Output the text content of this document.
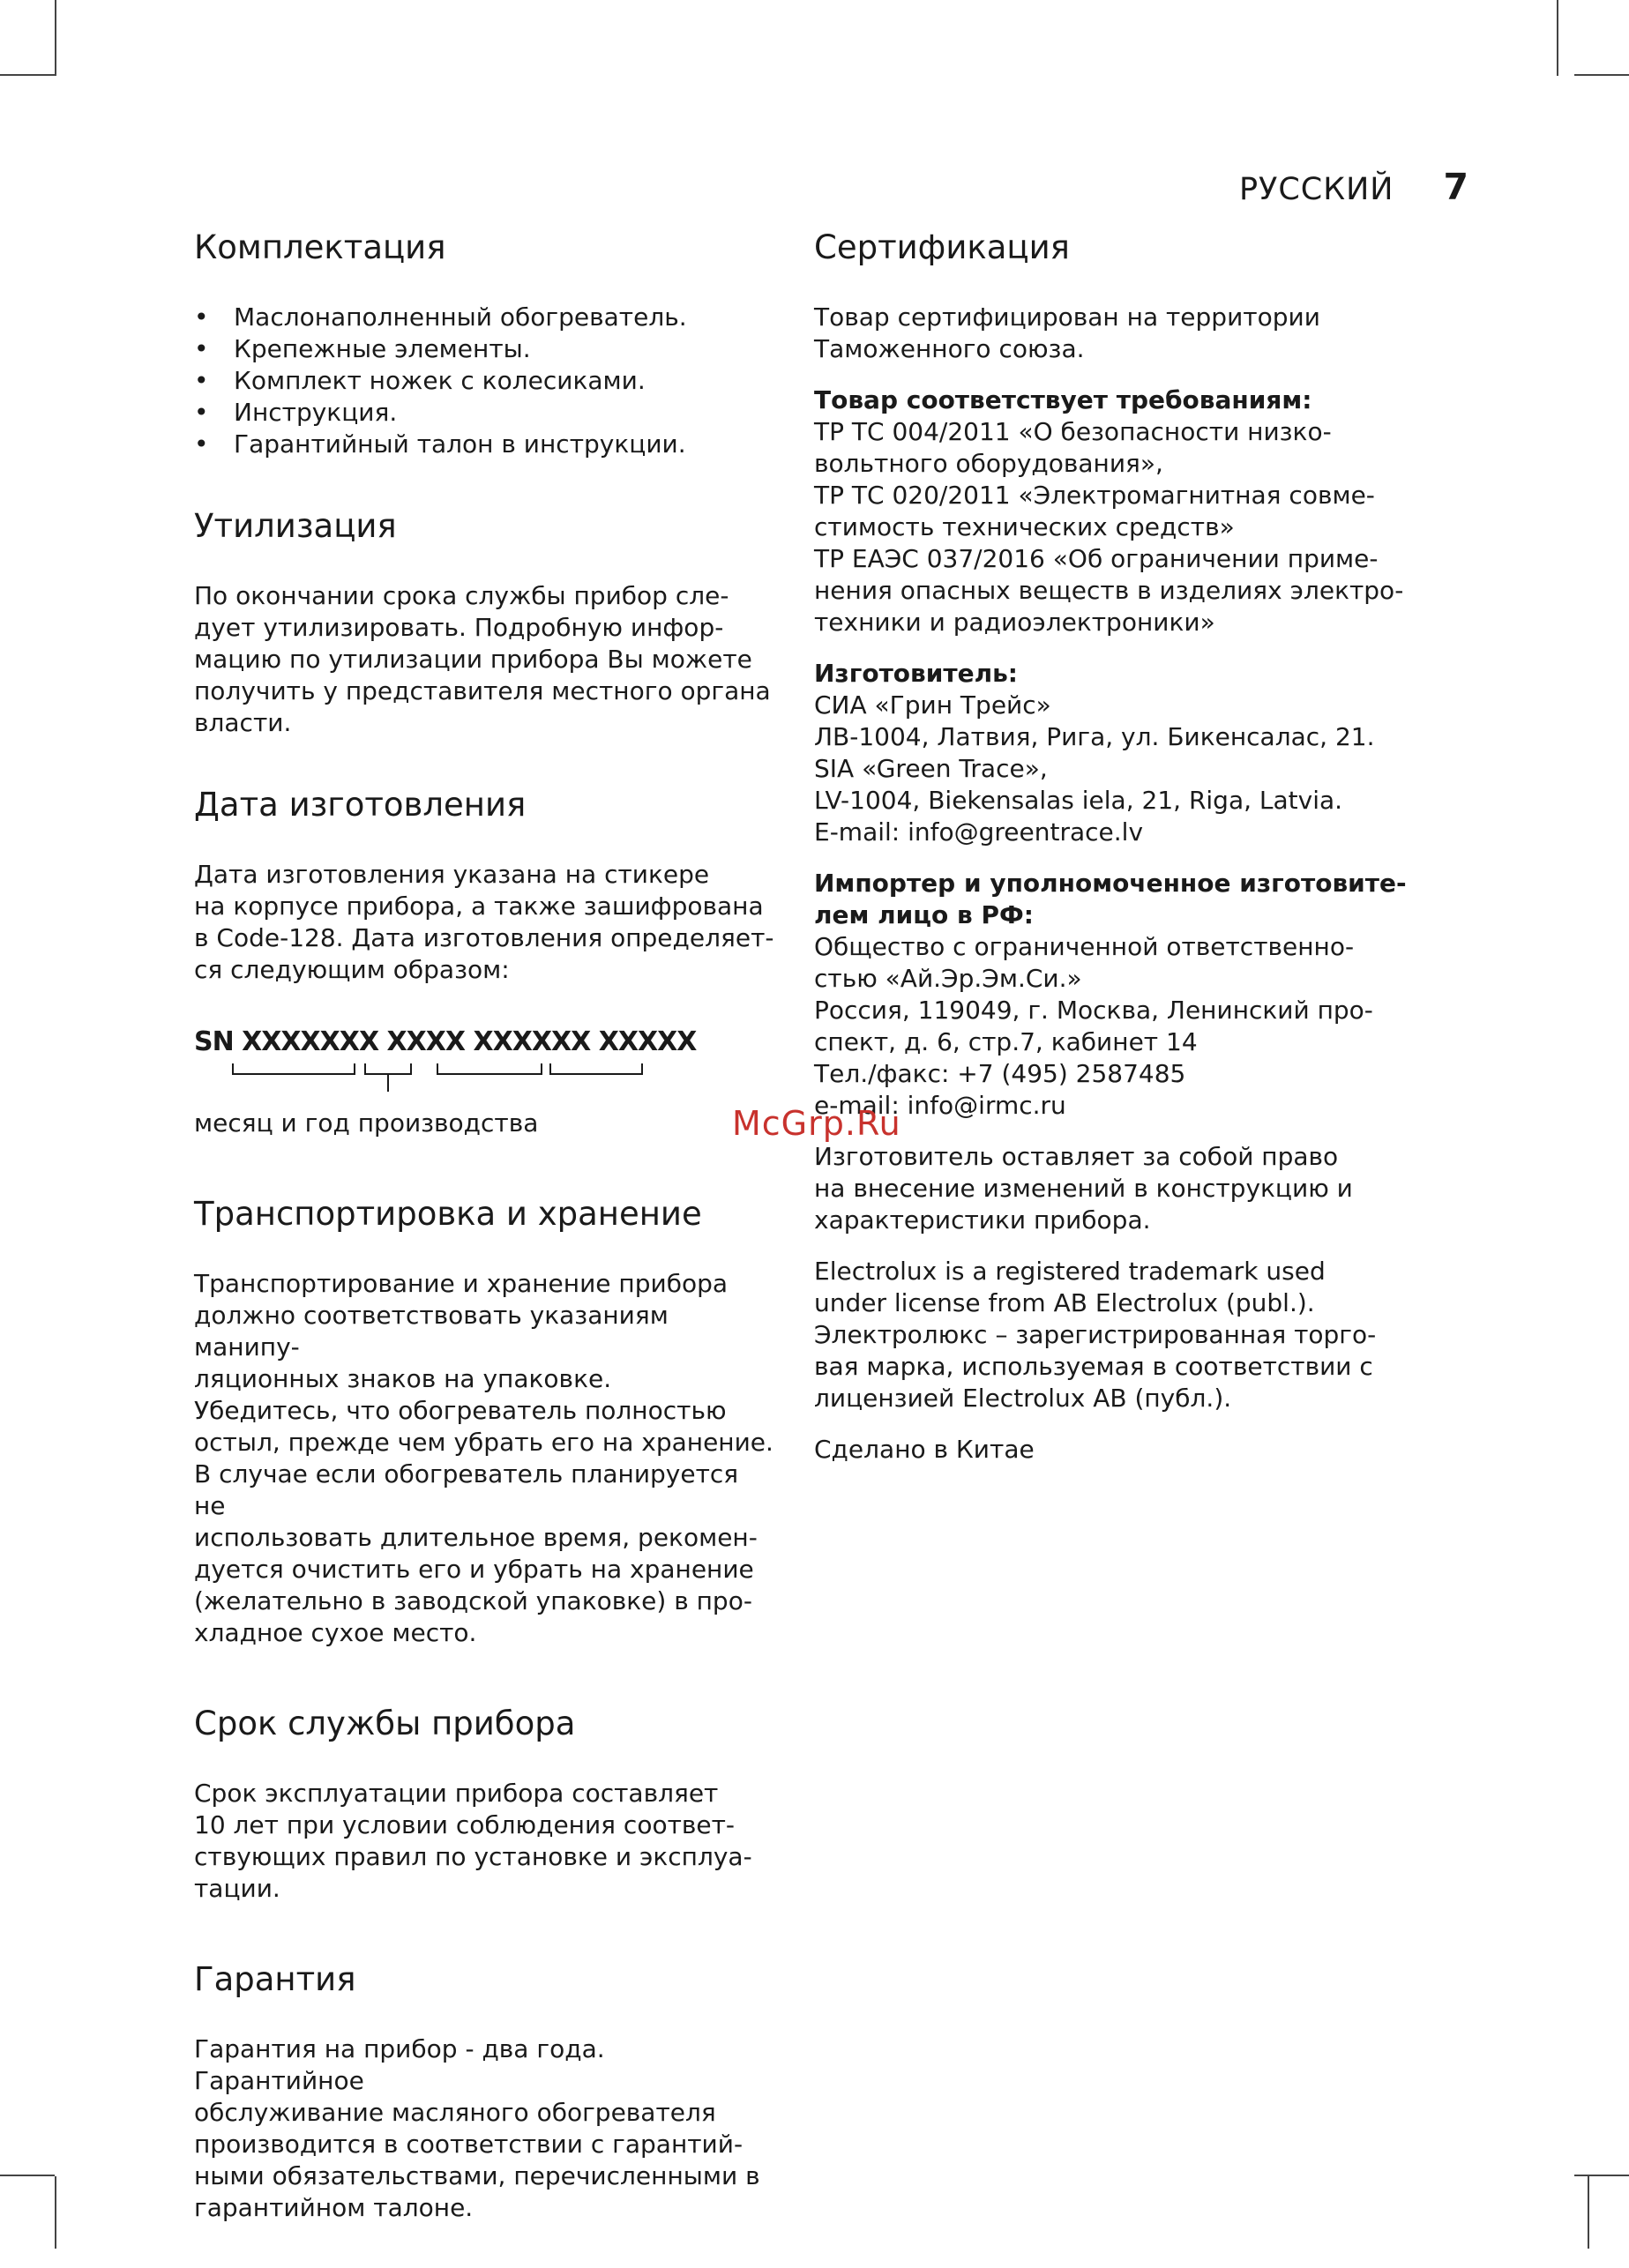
РУССКИЙ 7
Комплектация
• Маслонаполненный обогреватель.
• Крепежные элементы.
• Комплект ножек с колесиками.
• Инструкция.
• Гарантийный талон в инструкции.
Утилизация

По окончании срока службы прибор сле-
дует утилизировать. Подробную инфор-
мацию по утилизации прибора Вы можете
получить у представителя местного органа
власти.

Дата изготовления

Дата изготовления указана на стикере
на корпусе прибора, а также зашифрована
в Code-128. Дата изготовления определяет-
ся следующим образом:

SN XXXXXXX XXXX XXXXXX XXXXX
месяц и год производства
Транспортировка и хранение

Транспортирование и хранение прибора
должно соответствовать указаниям манипу-
ляционных знаков на упаковке.
Убедитесь, что обогреватель полностью
остыл, прежде чем убрать его на хранение.
В случае если обогреватель планируется не
использовать длительное время, рекомен-
дуется очистить его и убрать на хранение
(желательно в заводской упаковке) в про-
хладное сухое место.

Срок службы прибора

Срок эксплуатации прибора составляет
10 лет при условии соблюдения соответ-
ствующих правил по установке и эксплуа-
тации.

Гарантия

Гарантия на прибор - два года. Гарантийное
обслуживание масляного обогревателя
производится в соответствии с гарантий-
ными обязательствами, перечисленными в
гарантийном талоне.

Сертификация
Товар сертифицирован на территории
Таможенного союза.
Товар соответствует требованиям:
ТР ТС 004/2011 «О безопасности низко-
вольтного оборудования»,
ТР ТС 020/2011 «Электромагнитная совме-
стимость технических средств»
ТР ЕАЭС 037/2016 «Об ограничении приме-
нения опасных веществ в изделиях электро-
техники и радиоэлектроники»
Изготовитель:
СИА «Грин Трейс»
ЛВ-1004, Латвия, Рига, ул. Бикенсалас, 21.
SIA «Green Trace»,
LV-1004, Biekensalas iela, 21, Riga, Latvia.
E-mail: info@greentrace.lv
Импортер и уполномоченное изготовите-
лем лицо в РФ:
Общество с ограниченной ответственно-
стью «Ай.Эр.Эм.Си.»
Россия, 119049, г. Москва, Ленинский про-
спект, д. 6, стр.7, кабинет 14
Тел./факс: +7 (495) 2587485
e-mail: info@irmc.ru
Изготовитель оставляет за собой право
на внесение изменений в конструкцию и
характеристики прибора.
Electrolux is a registered trademark used
under license from AB Electrolux (publ.).
Электролюкс – зарегистрированная торго-
вая марка, используемая в соответствии с
лицензией Electrolux AB (публ.).
Сделано в Китае
McGrp.Ru
